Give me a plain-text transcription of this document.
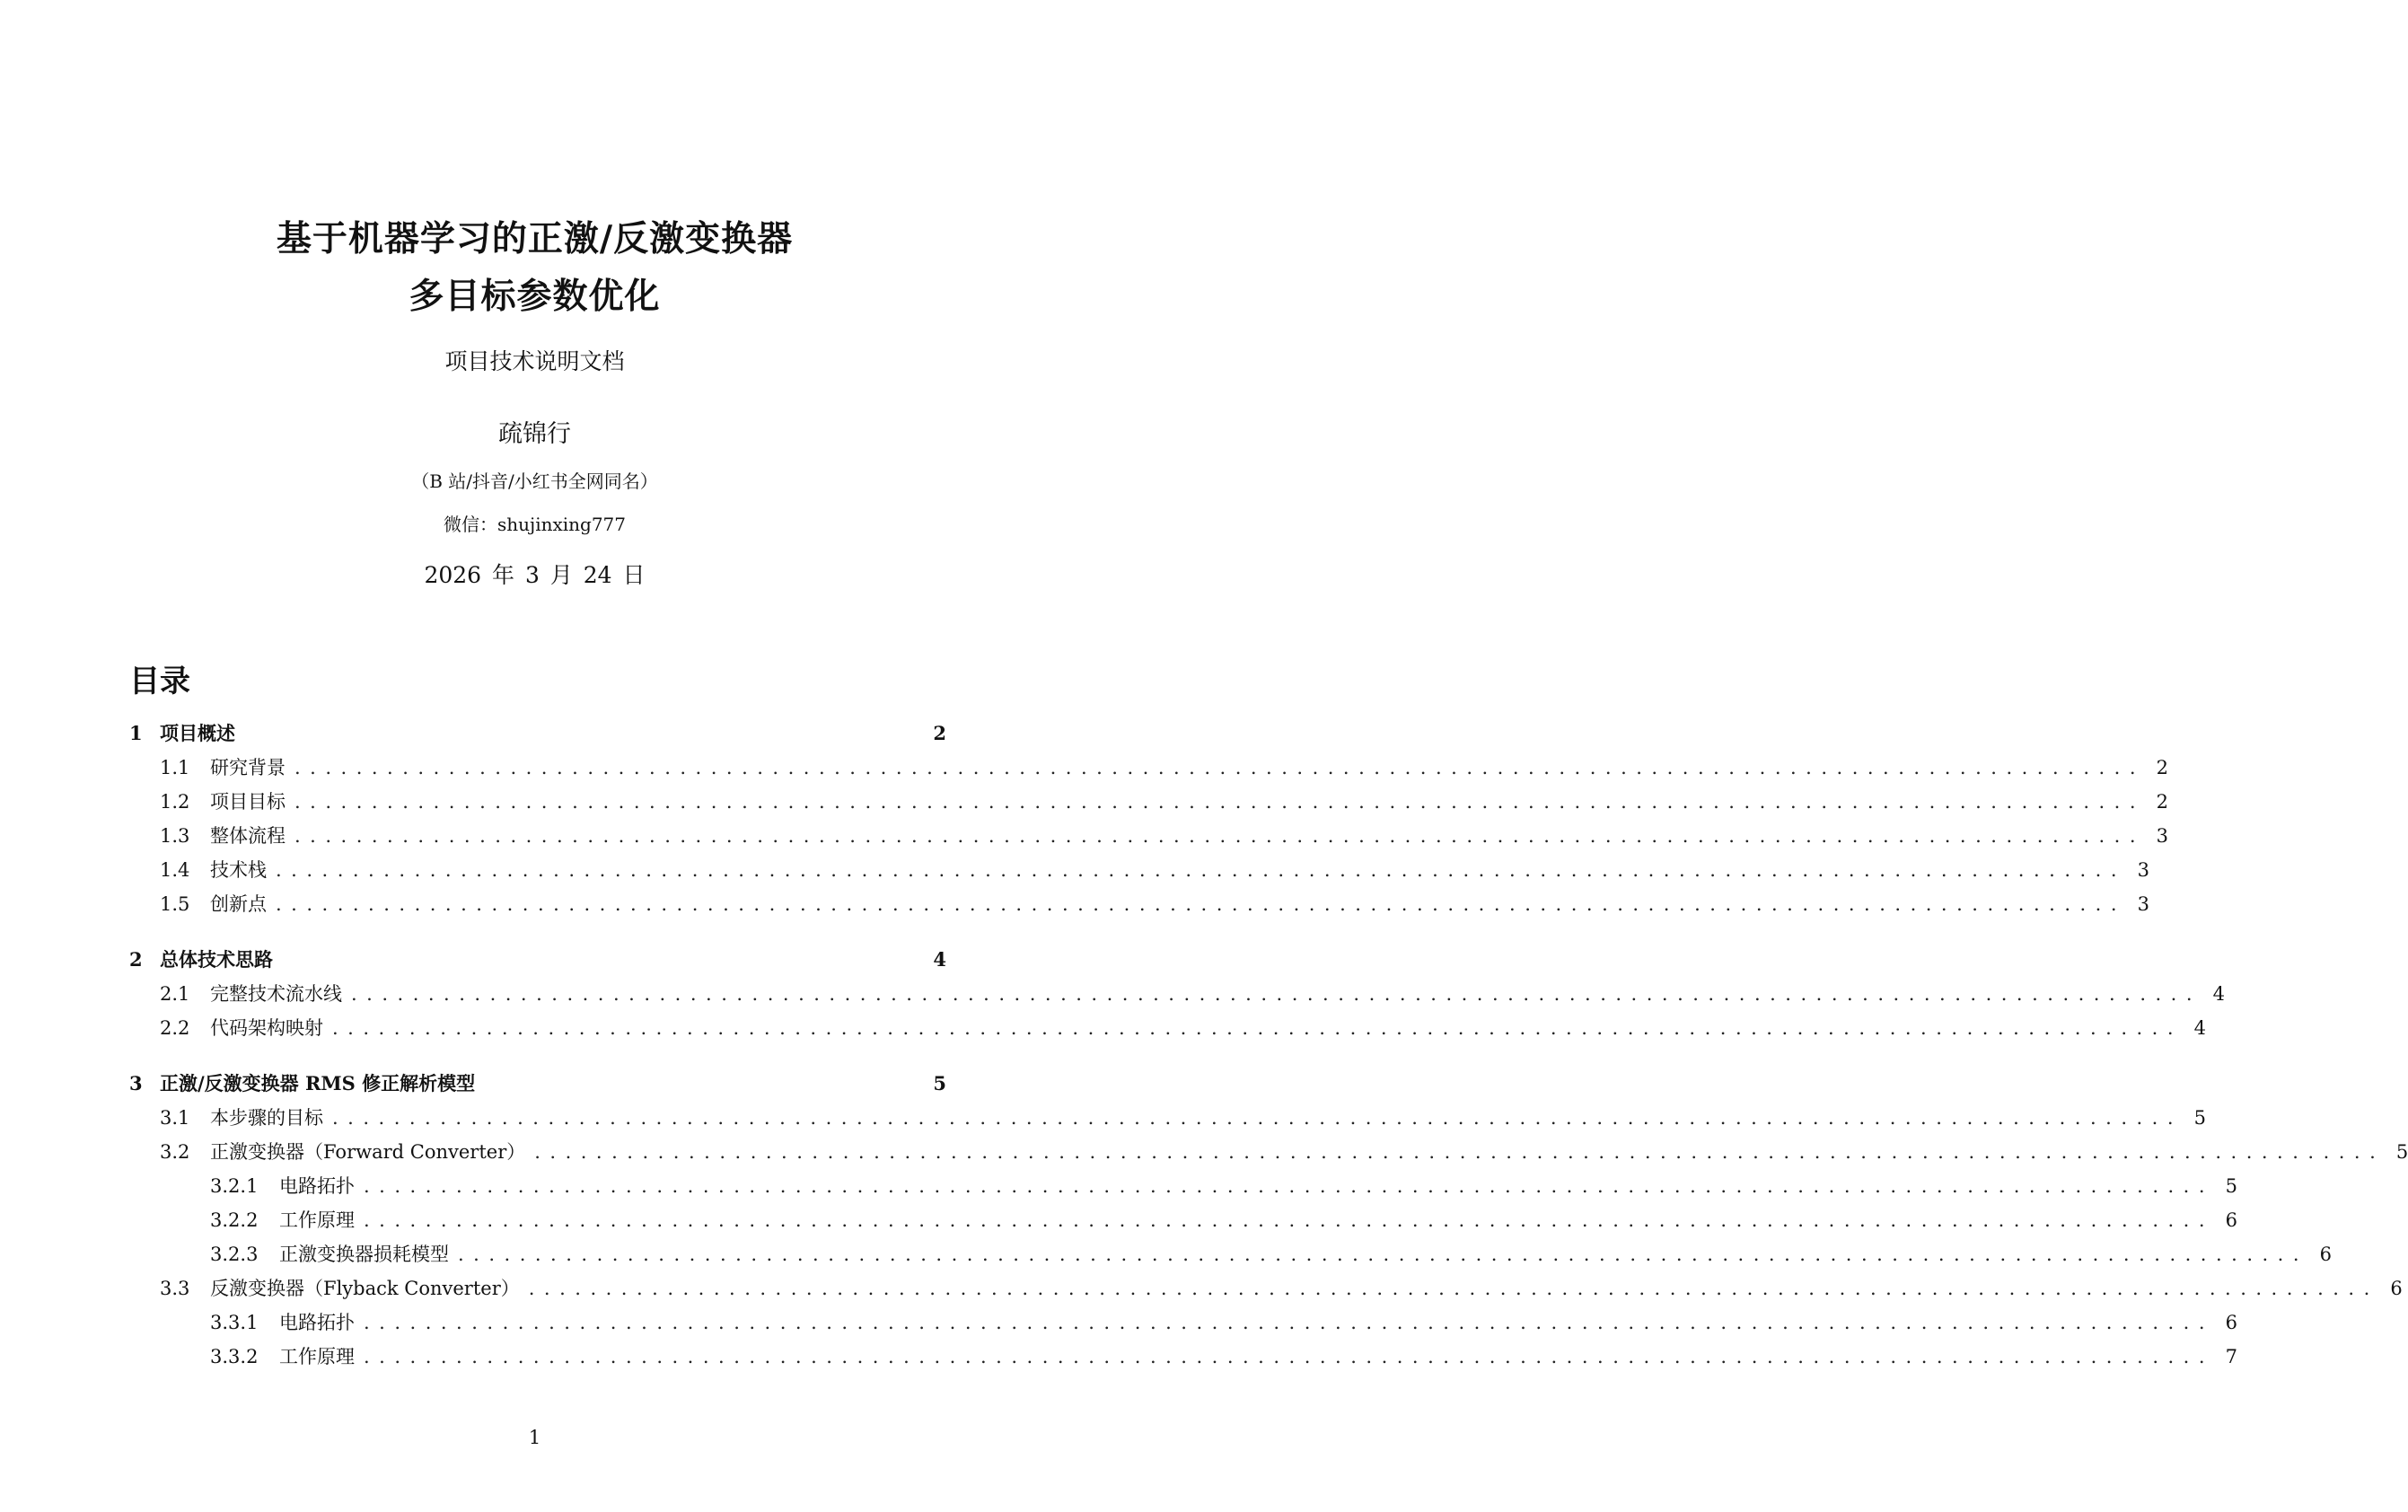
基于机器学习的正激/反激变换器
多目标参数优化
项目技术说明文档
疏锦行
（B 站/抖音/小红书全网同名）
微信：shujinxing777
2026 年 3 月 24 日
目录
1 项目概述	2
1.1	研究背景 ........................................................................................................................ 2
1.2	项目目标 ........................................................................................................................ 2
1.3	整体流程 ........................................................................................................................ 3
1.4	技术栈 ........................................................................................................................ 3
1.5	创新点 ........................................................................................................................ 3
2 总体技术思路	4
2.1	完整技术流水线 ........................................................................................................................ 4
2.2	代码架构映射 ........................................................................................................................ 4
3 正激/反激变换器 RMS 修正解析模型	5
3.1	本步骤的目标 ........................................................................................................................ 5
3.2	正激变换器（Forward Converter） ........................................................................................................................ 5
3.2.1	电路拓扑 ........................................................................................................................ 5
3.2.2	工作原理 ........................................................................................................................ 6
3.2.3	正激变换器损耗模型 ........................................................................................................................ 6
3.3	反激变换器（Flyback Converter） ........................................................................................................................ 6
3.3.1	电路拓扑 ........................................................................................................................ 6
3.3.2	工作原理 ........................................................................................................................ 7
1
